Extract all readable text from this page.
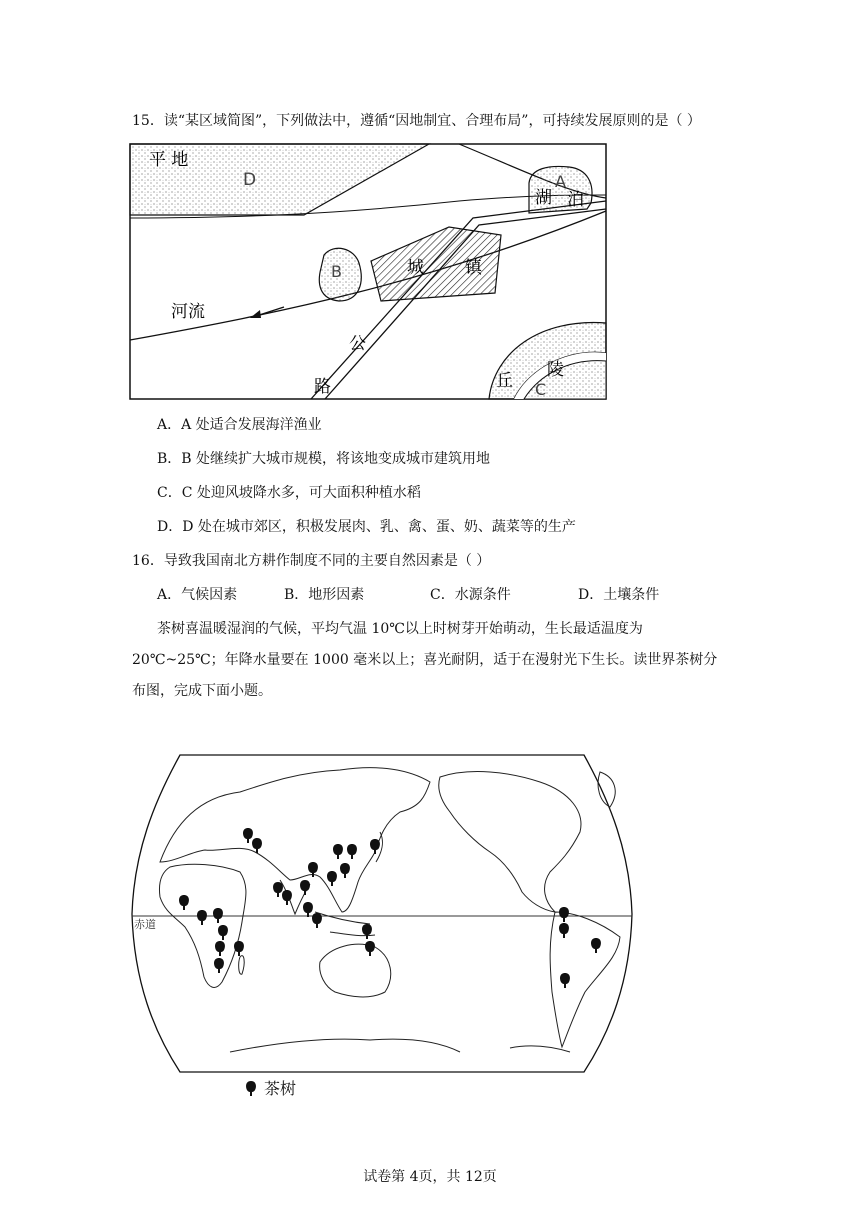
15．读“某区域简图”，下列做法中，遵循“因地制宜、合理布局”，可持续发展原则的是（ ）
平 地
D	A
湖 泊
B	城 镇
河流
公
路	丘
陵
C
A．A 处适合发展海洋渔业
B．B 处继续扩大城市规模，将该地变成城市建筑用地
C．C 处迎风坡降水多，可大面积种植水稻
D．D 处在城市郊区，积极发展肉、乳、禽、蛋、奶、蔬菜等的生产
16．导致我国南北方耕作制度不同的主要自然因素是（ ）
A．气候因素	B．地形因素	C．水源条件	D．土壤条件
茶树喜温暖湿润的气候，平均气温 10℃以上时树芽开始萌动，生长最适温度为
20℃~25℃；年降水量要在 1000 毫米以上；喜光耐阴，适于在漫射光下生长。读世界茶树分
布图，完成下面小题。
赤道
茶树
试卷第 4页，共 12页
